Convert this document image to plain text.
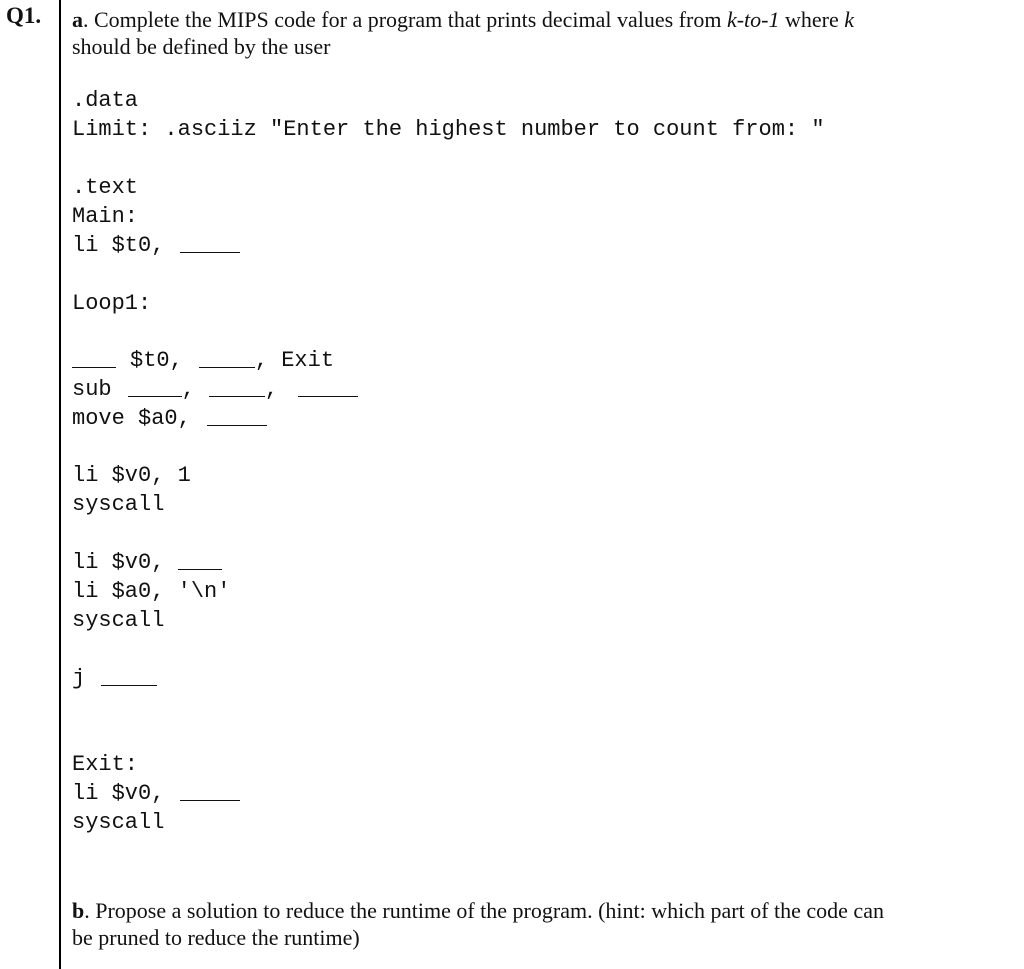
Q1. a. Complete the MIPS code for a program that prints decimal values from k-to-1 where k
should be defined by the user
.data
Limit: .asciiz "Enter the highest number to count from: "
.text
Main:
li $t0,
Loop1:
$t0,	, Exit
sub	,	,
move $a0,
li $v0, 1
syscall
li $v0,
li $a0, '\n'
syscall
j
Exit:
li $v0,
syscall
b. Propose a solution to reduce the runtime of the program. (hint: which part of the code can
be pruned to reduce the runtime)
